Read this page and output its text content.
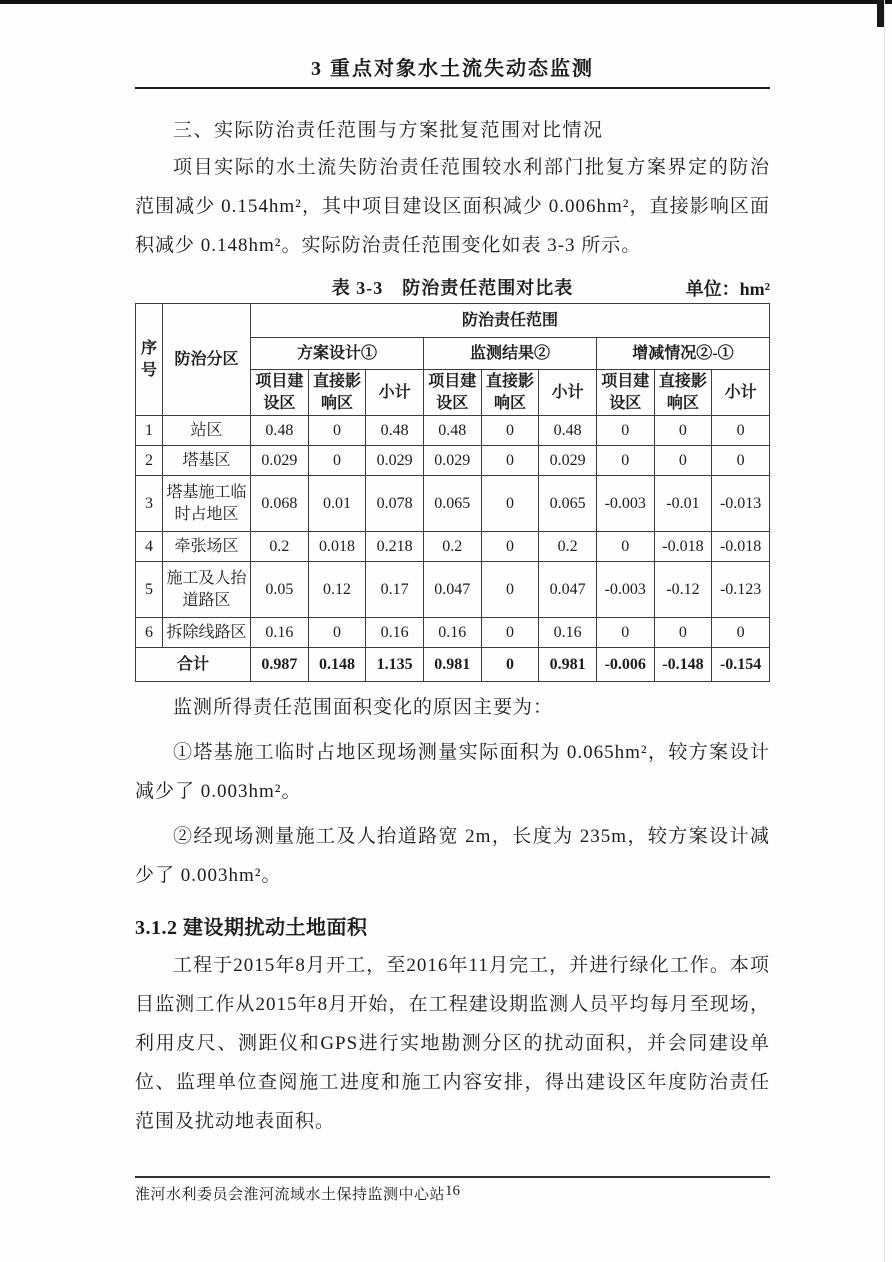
3 重点对象水土流失动态监测
三、实际防治责任范围与方案批复范围对比情况

项目实际的水土流失防治责任范围较水利部门批复方案界定的防治范围减少 0.154hm²，其中项目建设区面积减少 0.006hm²，直接影响区面积减少 0.148hm²。实际防治责任范围变化如表 3-3 所示。

表 3-3　防治责任范围对比表	单位：hm²
序号	防治分区	防治责任范围								
		方案设计①			监测结果②			增减情况②-①		
		项目建设区	直接影响区	小计	项目建设区	直接影响区	小计	项目建设区	直接影响区	小计
1	站区	0.48	0	0.48	0.48	0	0.48	0	0	0
2	塔基区	0.029	0	0.029	0.029	0	0.029	0	0	0
3	塔基施工临时占地区	0.068	0.01	0.078	0.065	0	0.065	-0.003	-0.01	-0.013
4	牵张场区	0.2	0.018	0.218	0.2	0	0.2	0	-0.018	-0.018
5	施工及人抬道路区	0.05	0.12	0.17	0.047	0	0.047	-0.003	-0.12	-0.123
6	拆除线路区	0.16	0	0.16	0.16	0	0.16	0	0	0
合计		0.987	0.148	1.135	0.981	0	0.981	-0.006	-0.148	-0.154

监测所得责任范围面积变化的原因主要为：

①塔基施工临时占地区现场测量实际面积为 0.065hm²，较方案设计减少了 0.003hm²。

②经现场测量施工及人抬道路宽 2m，长度为 235m，较方案设计减少了 0.003hm²。

3.1.2 建设期扰动土地面积

工程于2015年8月开工，至2016年11月完工，并进行绿化工作。本项目监测工作从2015年8月开始，在工程建设期监测人员平均每月至现场，利用皮尺、测距仪和GPS进行实地勘测分区的扰动面积，并会同建设单位、监理单位查阅施工进度和施工内容安排，得出建设区年度防治责任范围及扰动地表面积。

淮河水利委员会淮河流域水土保持监测中心站 16
